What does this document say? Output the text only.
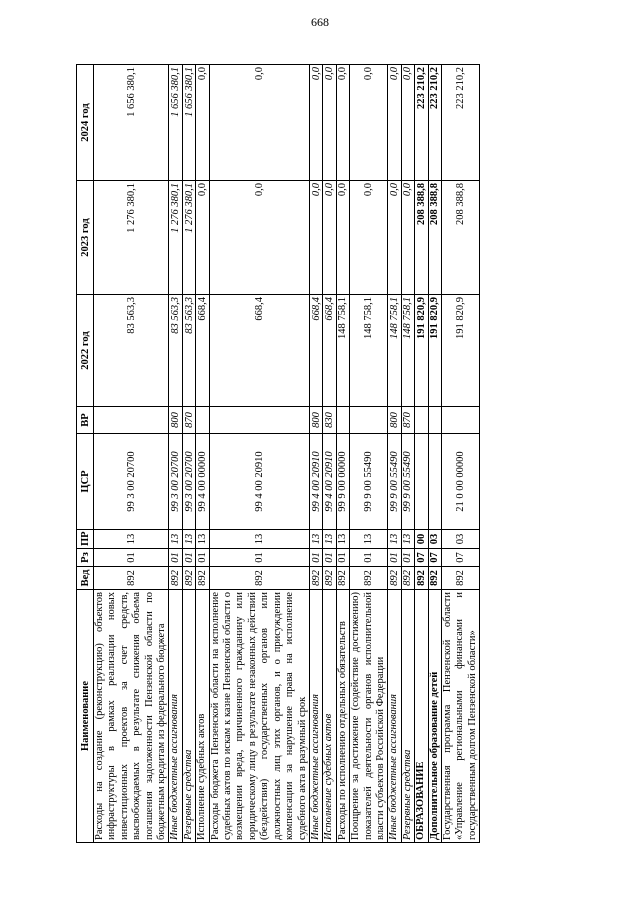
668
Наименование	Вед	Рз	ПР	ЦСР	ВР	2022 год	2023 год	2024 год
Расходы на создание (реконструкцию) объектов инфраструктуры в рамках реализации новых инвестиционных проектов за счет средств, высвобождаемых в результате снижения объема погашения задолженности Пензенской области по бюджетным кредитам из федерального бюджета	892	01	13	99 3 00 20700		83 563,3	1 276 380,1	1 656 380,1
Иные бюджетные ассигнования	892	01	13	99 3 00 20700	800	83 563,3	1 276 380,1	1 656 380,1
Резервные средства	892	01	13	99 3 00 20700	870	83 563,3	1 276 380,1	1 656 380,1
Исполнение судебных актов	892	01	13	99 4 00 00000		668,4	0,0	0,0
Расходы бюджета Пензенской области на исполнение судебных актов по искам к казне Пензенской области о возмещении вреда, причиненного гражданину или юридическому лицу в результате незаконных действий (бездействия) государственных органов или должностных лиц этих органов, и о присуждении компенсации за нарушение права на исполнение судебного акта в разумный срок	892	01	13	99 4 00 20910		668,4	0,0	0,0
Иные бюджетные ассигнования	892	01	13	99 4 00 20910	800	668,4	0,0	0,0
Исполнение судебных актов	892	01	13	99 4 00 20910	830	668,4	0,0	0,0
Расходы по исполнению отдельных обязательств	892	01	13	99 9 00 00000		148 758,1	0,0	0,0
Поощрение за достижение (содействие достижению) показателей деятельности органов исполнительной власти субъектов Российской Федерации	892	01	13	99 9 00 55490		148 758,1	0,0	0,0
Иные бюджетные ассигнования	892	01	13	99 9 00 55490	800	148 758,1	0,0	0,0
Резервные средства	892	01	13	99 9 00 55490	870	148 758,1	0,0	0,0
ОБРАЗОВАНИЕ	892	07	00			191 820,9	208 388,8	223 210,2
Дополнительное образование детей	892	07	03			191 820,9	208 388,8	223 210,2
Государственная программа Пензенской области «Управление региональными финансами и государственным долгом Пензенской области»	892	07	03	21 0 00 00000		191 820,9	208 388,8	223 210,2
